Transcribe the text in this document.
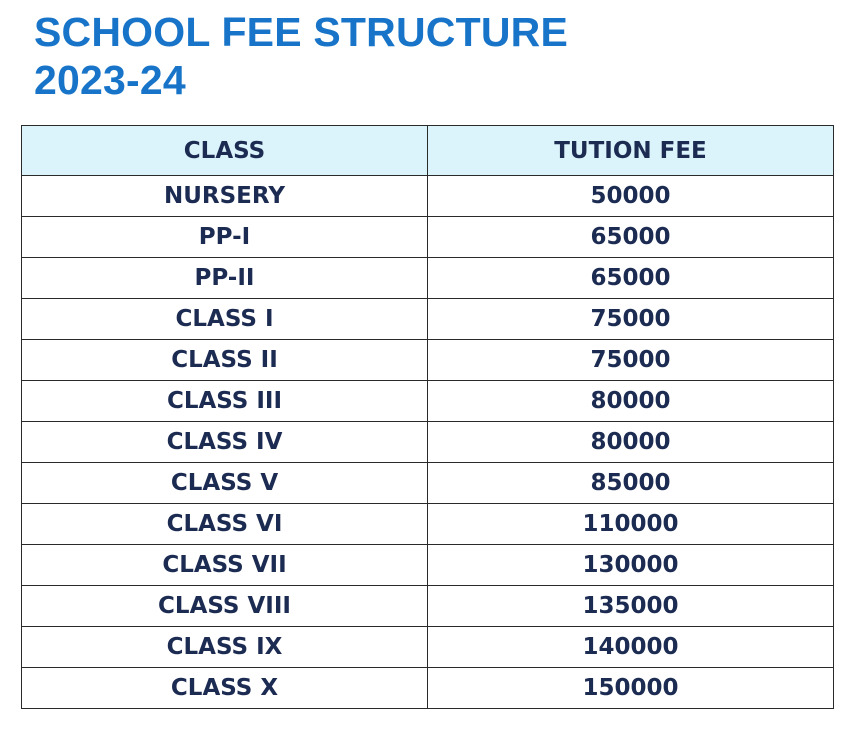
SCHOOL FEE STRUCTURE
2023-24
CLASS	TUTION FEE
NURSERY	50000
PP-I	65000
PP-II	65000
CLASS I	75000
CLASS II	75000
CLASS III	80000
CLASS IV	80000
CLASS V	85000
CLASS VI	110000
CLASS VII	130000
CLASS VIII	135000
CLASS IX	140000
CLASS X	150000
